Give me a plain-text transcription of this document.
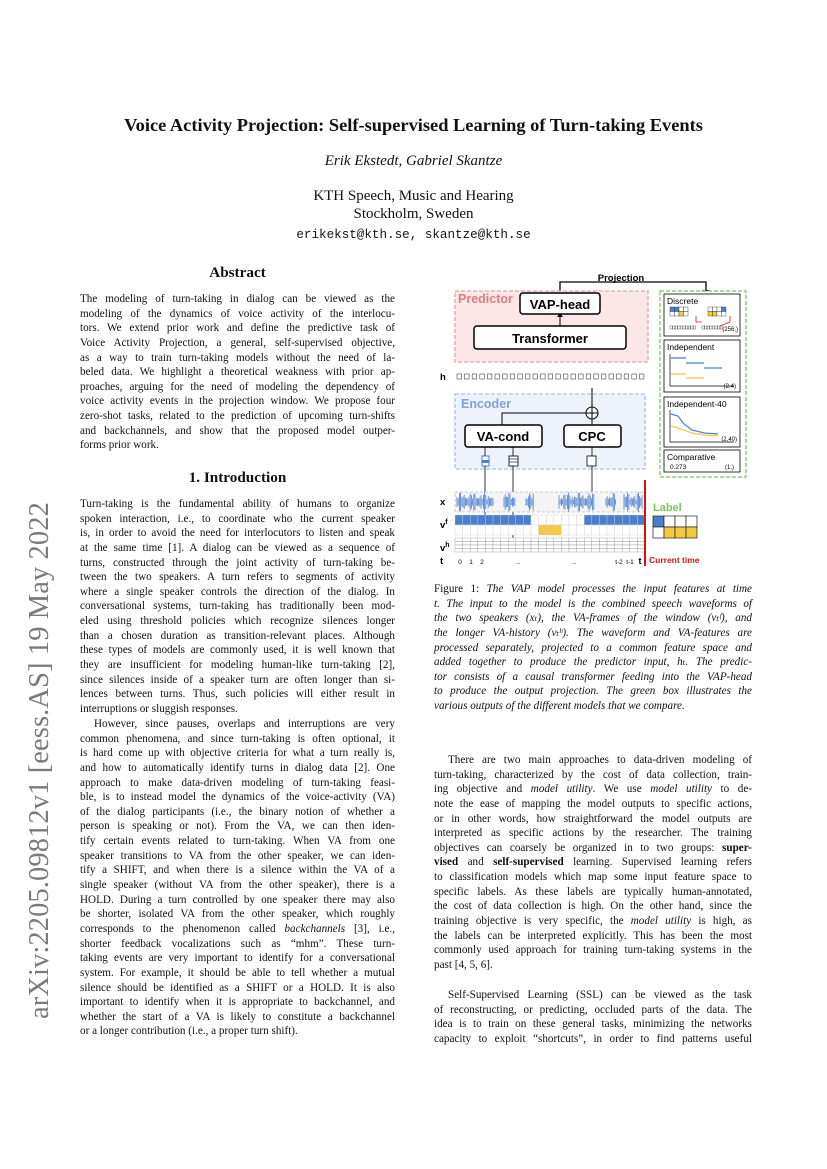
Voice Activity Projection: Self-supervised Learning of Turn-taking Events
Erik Ekstedt, Gabriel Skantze
KTH Speech, Music and Hearing
Stockholm, Sweden
erikekst@kth.se, skantze@kth.se
arXiv:2205.09812v1 [eess.AS] 19 May 2022
Abstract
The modeling of turn-taking in dialog can be viewed as the
modeling of the dynamics of voice activity of the interlocu-
tors. We extend prior work and define the predictive task of
Voice Activity Projection, a general, self-supervised objective,
as a way to train turn-taking models without the need of la-
beled data. We highlight a theoretical weakness with prior ap-
proaches, arguing for the need of modeling the dependency of
voice activity events in the projection window. We propose four
zero-shot tasks, related to the prediction of upcoming turn-shifts
and backchannels, and show that the proposed model outper-
forms prior work.
1. Introduction
Turn-taking is the fundamental ability of humans to organize
spoken interaction, i.e., to coordinate who the current speaker
is, in order to avoid the need for interlocutors to listen and speak
at the same time [1]. A dialog can be viewed as a sequence of
turns, constructed through the joint activity of turn-taking be-
tween the two speakers. A turn refers to segments of activity
where a single speaker controls the direction of the dialog. In
conversational systems, turn-taking has traditionally been mod-
eled using threshold policies which recognize silences longer
than a chosen duration as transition-relevant places. Although
these types of models are commonly used, it is well known that
they are insufficient for modeling human-like turn-taking [2],
since silences inside of a speaker turn are often longer than si-
lences between turns. Thus, such policies will either result in
interruptions or sluggish responses.
However, since pauses, overlaps and interruptions are very
common phenomena, and since turn-taking is often optional, it
is hard come up with objective criteria for what a turn really is,
and how to automatically identify turns in dialog data [2]. One
approach to make data-driven modeling of turn-taking feasi-
ble, is to instead model the dynamics of the voice-activity (VA)
of the dialog participants (i.e., the binary notion of whether a
person is speaking or not). From the VA, we can then iden-
tify certain events related to turn-taking. When VA from one
speaker transitions to VA from the other speaker, we can iden-
tify a SHIFT, and when there is a silence within the VA of a
single speaker (without VA from the other speaker), there is a
HOLD. During a turn controlled by one speaker there may also
be shorter, isolated VA from the other speaker, which roughly
corresponds to the phenomenon called backchannels [3], i.e.,
shorter feedback vocalizations such as “mhm”. These turn-
taking events are very important to identify for a conversational
system. For example, it should be able to tell whether a mutual
silence should be identified as a SHIFT or a HOLD. It is also
important to identify when it is appropriate to backchannel, and
whether the start of a VA is likely to constitute a backchannel
or a longer contribution (i.e., a proper turn shift).
Projection
Predictor VAP-head
Transformer
h
Encoder
VA-cond	CPC
x
$v^f$
$v^h$
t 0 1 2	...	...	t-2 t-1 t Current time
Label
Discrete
(256,)
Independent
(2,4)
Independent-40
(2,40)
Comparative
0.273	(1,)
Figure 1: The VAP model processes the input features at time
t. The input to the model is the combined speech waveforms of
the two speakers (xₜ), the VA-frames of the window (vₜᶠ), and
the longer VA-history (vₜʰ). The waveform and VA-features are
processed separately, projected to a common feature space and
added together to produce the predictor input, hₜ. The predic-
tor consists of a causal transformer feeding into the VAP-head
to produce the output projection. The green box illustrates the
various outputs of the different models that we compare.
There are two main approaches to data-driven modeling of
turn-taking, characterized by the cost of data collection, train-
ing objective and model utility. We use model utility to de-
note the ease of mapping the model outputs to specific actions,
or in other words, how straightforward the model outputs are
interpreted as specific actions by the researcher. The training
objectives can coarsely be organized in to two groups: super-
vised and self-supervised learning. Supervised learning refers
to classification models which map some input feature space to
specific labels. As these labels are typically human-annotated,
the cost of data collection is high. On the other hand, since the
training objective is very specific, the model utility is high, as
the labels can be interpreted explicitly. This has been the most
commonly used approach for training turn-taking systems in the
past [4, 5, 6].
Self-Supervised Learning (SSL) can be viewed as the task
of reconstructing, or predicting, occluded parts of the data. The
idea is to train on these general tasks, minimizing the networks
capacity to exploit “shortcuts”, in order to find patterns useful
